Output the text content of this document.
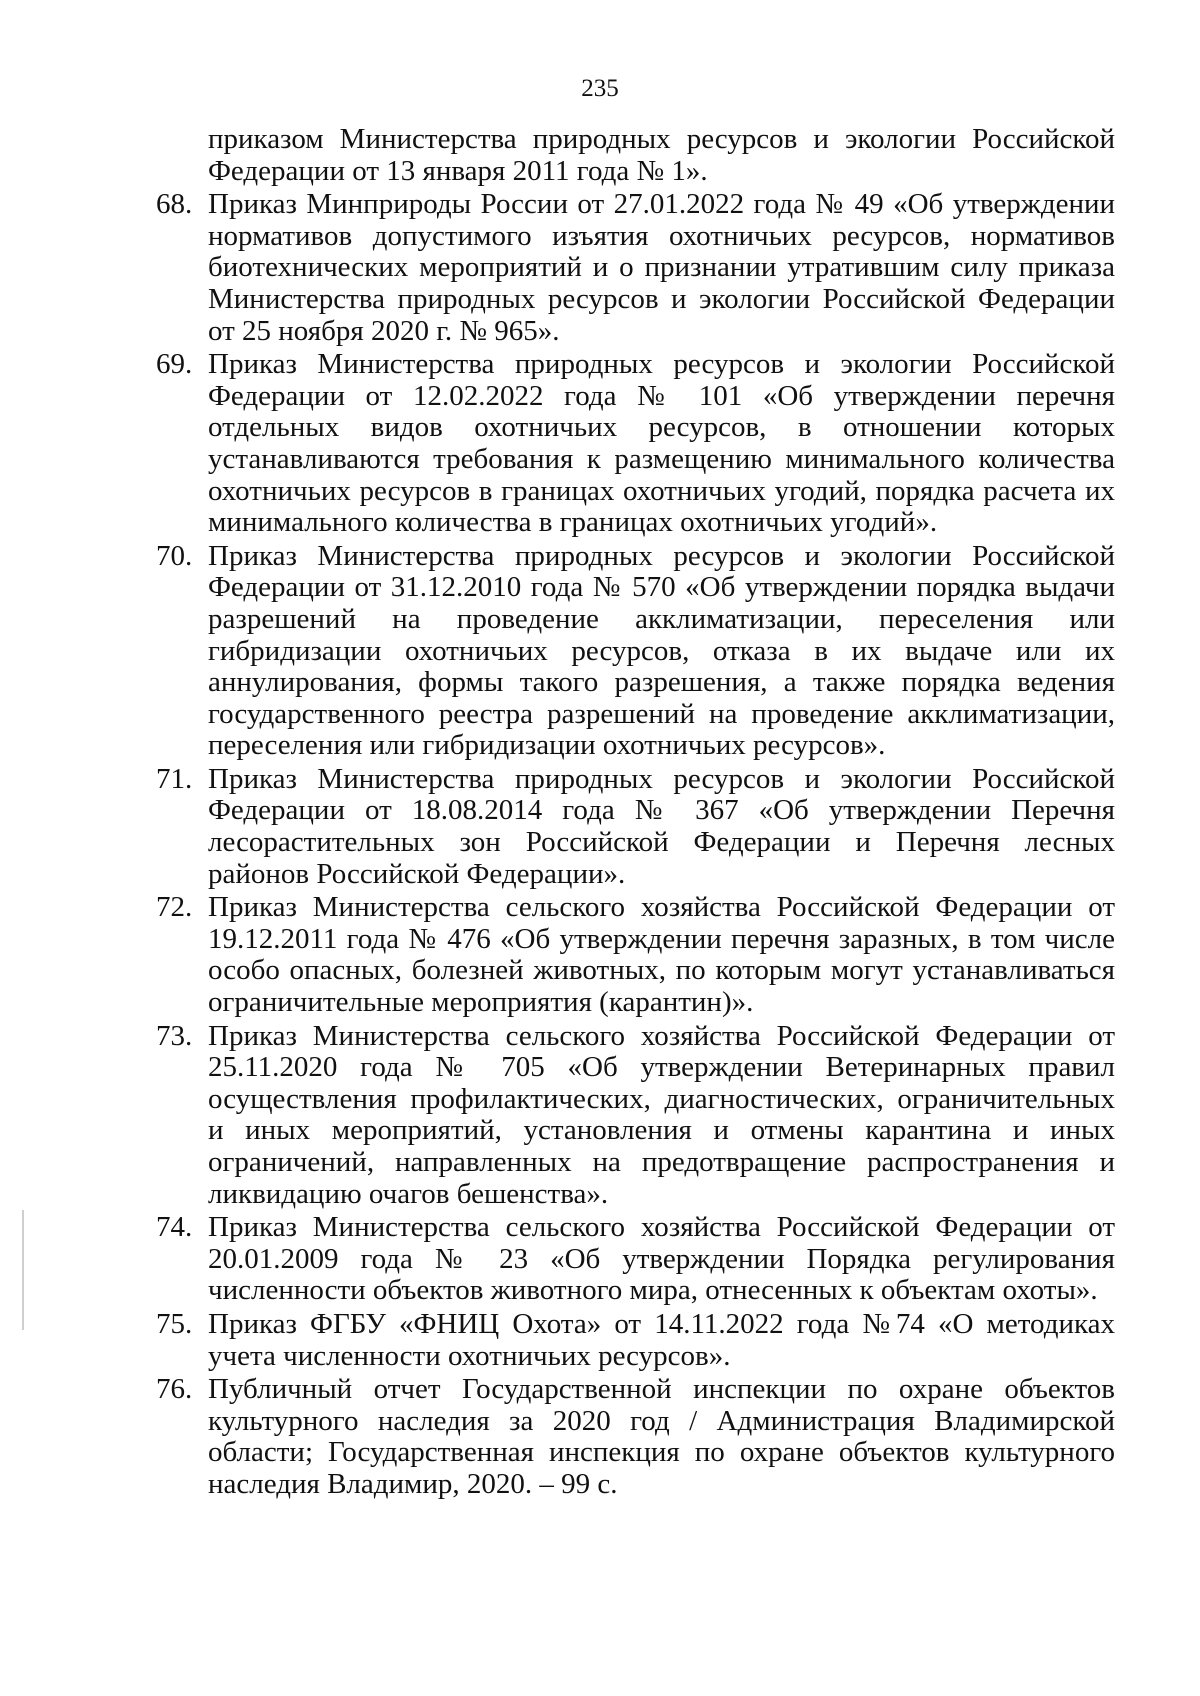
235

приказом Министерства природных ресурсов и экологии Российской Федерации от 13 января 2011 года № 1».

68. Приказ Минприроды России от 27.01.2022 года № 49 «Об утверждении нормативов допустимого изъятия охотничьих ресурсов, нормативов биотехнических мероприятий и о признании утратившим силу приказа Министерства природных ресурсов и экологии Российской Федерации от 25 ноября 2020 г. № 965».

69. Приказ Министерства природных ресурсов и экологии Российской Федерации от 12.02.2022 года № 101 «Об утверждении перечня отдельных видов охотничьих ресурсов, в отношении которых устанавливаются требования к размещению минимального количества охотничьих ресурсов в границах охотничьих угодий, порядка расчета их минимального количества в границах охотничьих угодий».

70. Приказ Министерства природных ресурсов и экологии Российской Федерации от 31.12.2010 года № 570 «Об утверждении порядка выдачи разрешений на проведение акклиматизации, переселения или гибридизации охотничьих ресурсов, отказа в их выдаче или их аннулирования, формы такого разрешения, а также порядка ведения государственного реестра разрешений на проведение акклиматизации, переселения или гибридизации охотничьих ресурсов».

71. Приказ Министерства природных ресурсов и экологии Российской Федерации от 18.08.2014 года № 367 «Об утверждении Перечня лесорастительных зон Российской Федерации и Перечня лесных районов Российской Федерации».

72. Приказ Министерства сельского хозяйства Российской Федерации от 19.12.2011 года № 476 «Об утверждении перечня заразных, в том числе особо опасных, болезней животных, по которым могут устанавливаться ограничительные мероприятия (карантин)».

73. Приказ Министерства сельского хозяйства Российской Федерации от 25.11.2020 года № 705 «Об утверждении Ветеринарных правил осуществления профилактических, диагностических, ограничительных и иных мероприятий, установления и отмены карантина и иных ограничений, направленных на предотвращение распространения и ликвидацию очагов бешенства».

74. Приказ Министерства сельского хозяйства Российской Федерации от 20.01.2009 года № 23 «Об утверждении Порядка регулирования численности объектов животного мира, отнесенных к объектам охоты».

75. Приказ ФГБУ «ФНИЦ Охота» от 14.11.2022 года №74 «О методиках учета численности охотничьих ресурсов».

76. Публичный отчет Государственной инспекции по охране объектов культурного наследия за 2020 год / Администрация Владимирской области; Государственная инспекция по охране объектов культурного наследия Владимир, 2020. – 99 с.
